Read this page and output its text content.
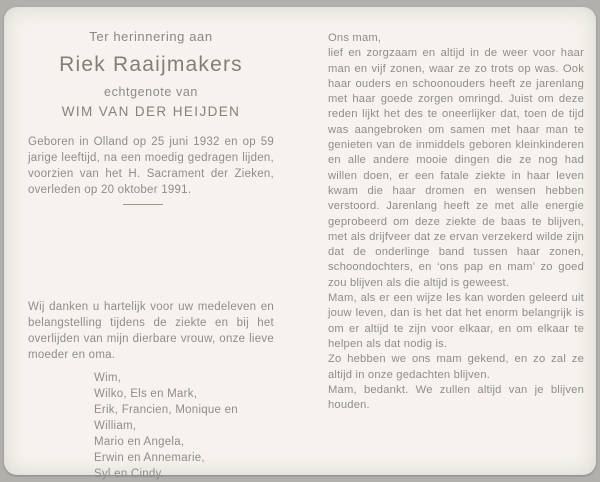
Ter herinnering aan
Riek Raaijmakers
echtgenote van
WIM VAN DER HEIJDEN

Geboren in Olland op 25 juni 1932 en op 59 jarige leeftijd, na een moedig gedragen lijden, voorzien van het H. Sacrament der Zieken, overleden op 20 oktober 1991.

Wij danken u hartelijk voor uw medeleven en belangstelling tijdens de ziekte en bij het overlijden van mijn dierbare vrouw, onze lieve moeder en oma.

Wim,
Wilko, Els en Mark,
Erik, Francien, Monique en William,
Mario en Angela,
Erwin en Annemarie,
Syl en Cindy.
Ons mam,

lief en zorgzaam en altijd in de weer voor haar man en vijf zonen, waar ze zo trots op was. Ook haar ouders en schoonouders heeft ze jarenlang met haar goede zorgen omringd. Juist om deze reden lijkt het des te oneerlijker dat, toen de tijd was aangebroken om samen met haar man te genieten van de inmiddels geboren kleinkinderen en alle andere mooie dingen die ze nog had willen doen, er een fatale ziekte in haar leven kwam die haar dromen en wensen hebben verstoord. Jarenlang heeft ze met alle energie geprobeerd om deze ziekte de baas te blijven, met als drijfveer dat ze ervan verzekerd wilde zijn dat de onderlinge band tussen haar zonen, schoondochters, en ‘ons pap en mam’ zo goed zou blijven als die altijd is geweest.

Mam, als er een wijze les kan worden geleerd uit jouw leven, dan is het dat het enorm belangrijk is om er altijd te zijn voor elkaar, en om elkaar te helpen als dat nodig is.

Zo hebben we ons mam gekend, en zo zal ze altijd in onze gedachten blijven.

Mam, bedankt. We zullen altijd van je blijven houden.
